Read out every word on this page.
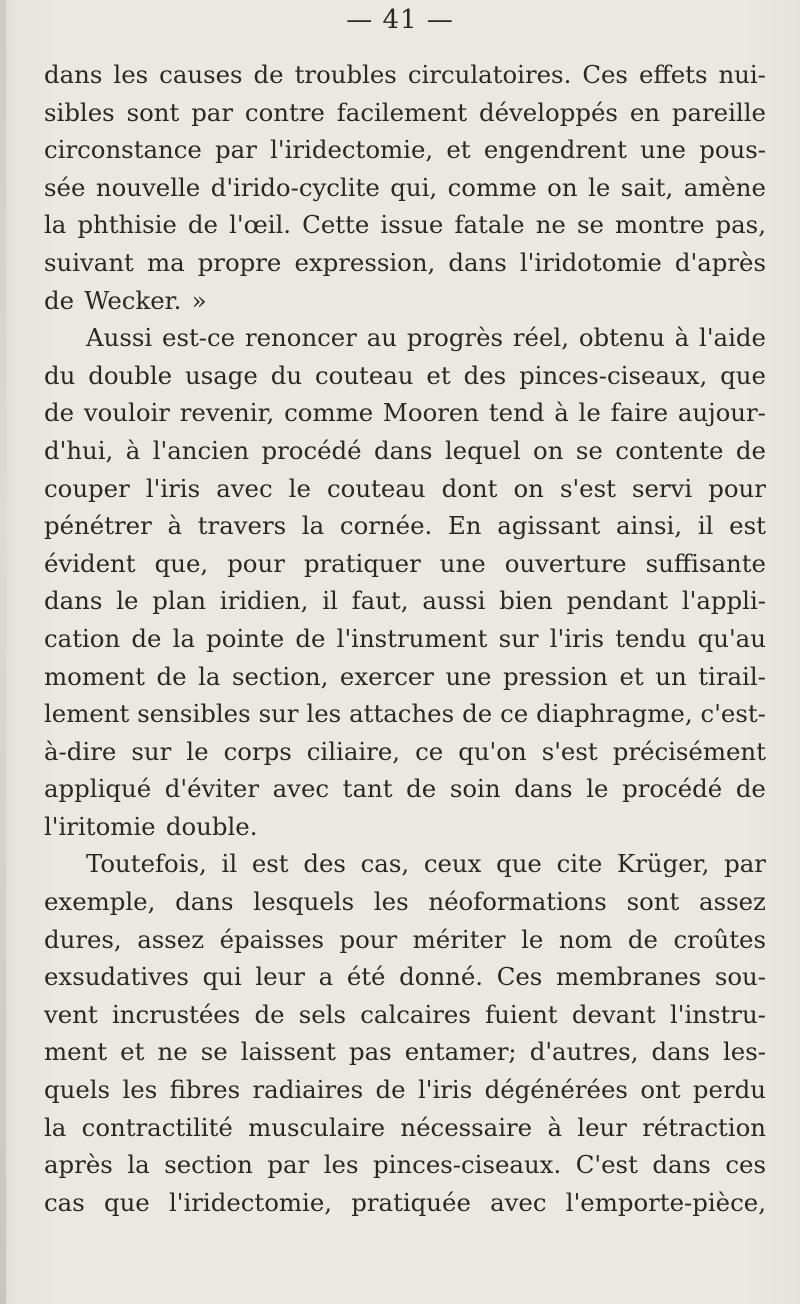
— 41 —
dans les causes de troubles circulatoires. Ces effets nui-
sibles sont par contre facilement développés en pareille
circonstance par l'iridectomie, et engendrent une pous-
sée nouvelle d'irido-cyclite qui, comme on le sait, amène
la phthisie de l'œil. Cette issue fatale ne se montre pas,
suivant ma propre expression, dans l'iridotomie d'après
de Wecker. »
Aussi est-ce renoncer au progrès réel, obtenu à l'aide
du double usage du couteau et des pinces-ciseaux, que
de vouloir revenir, comme Mooren tend à le faire aujour-
d'hui, à l'ancien procédé dans lequel on se contente de
couper l'iris avec le couteau dont on s'est servi pour
pénétrer à travers la cornée. En agissant ainsi, il est
évident que, pour pratiquer une ouverture suffisante
dans le plan iridien, il faut, aussi bien pendant l'appli-
cation de la pointe de l'instrument sur l'iris tendu qu'au
moment de la section, exercer une pression et un tirail-
lement sensibles sur les attaches de ce diaphragme, c'est-
à-dire sur le corps ciliaire, ce qu'on s'est précisément
appliqué d'éviter avec tant de soin dans le procédé de
l'iritomie double.
Toutefois, il est des cas, ceux que cite Krüger, par
exemple, dans lesquels les néoformations sont assez
dures, assez épaisses pour mériter le nom de croûtes
exsudatives qui leur a été donné. Ces membranes sou-
vent incrustées de sels calcaires fuient devant l'instru-
ment et ne se laissent pas entamer; d'autres, dans les-
quels les fibres radiaires de l'iris dégénérées ont perdu
la contractilité musculaire nécessaire à leur rétraction
après la section par les pinces-ciseaux. C'est dans ces
cas que l'iridectomie, pratiquée avec l'emporte-pièce,
